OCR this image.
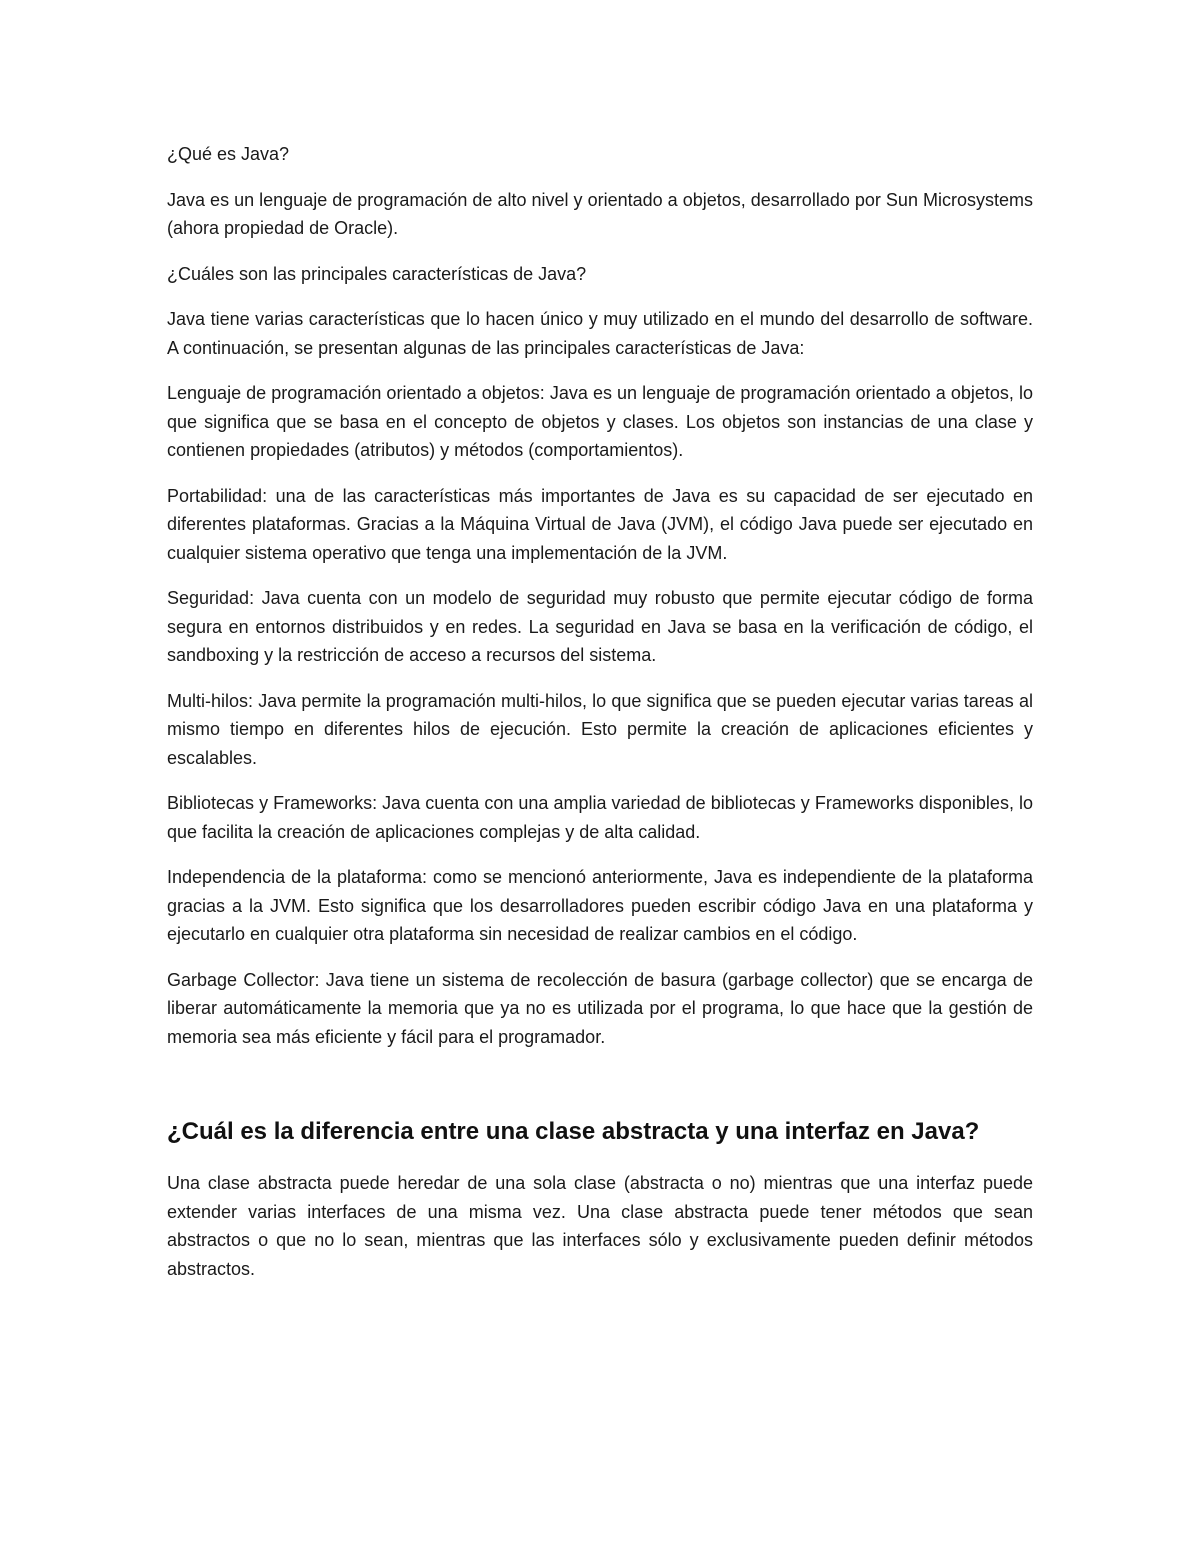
¿Qué es Java?

Java es un lenguaje de programación de alto nivel y orientado a objetos, desarrollado por Sun Microsystems (ahora propiedad de Oracle).

¿Cuáles son las principales características de Java?

Java tiene varias características que lo hacen único y muy utilizado en el mundo del desarrollo de software. A continuación, se presentan algunas de las principales características de Java:

Lenguaje de programación orientado a objetos: Java es un lenguaje de programación orientado a objetos, lo que significa que se basa en el concepto de objetos y clases. Los objetos son instancias de una clase y contienen propiedades (atributos) y métodos (comportamientos).

Portabilidad: una de las características más importantes de Java es su capacidad de ser ejecutado en diferentes plataformas. Gracias a la Máquina Virtual de Java (JVM), el código Java puede ser ejecutado en cualquier sistema operativo que tenga una implementación de la JVM.

Seguridad: Java cuenta con un modelo de seguridad muy robusto que permite ejecutar código de forma segura en entornos distribuidos y en redes. La seguridad en Java se basa en la verificación de código, el sandboxing y la restricción de acceso a recursos del sistema.

Multi-hilos: Java permite la programación multi-hilos, lo que significa que se pueden ejecutar varias tareas al mismo tiempo en diferentes hilos de ejecución. Esto permite la creación de aplicaciones eficientes y escalables.

Bibliotecas y Frameworks: Java cuenta con una amplia variedad de bibliotecas y Frameworks disponibles, lo que facilita la creación de aplicaciones complejas y de alta calidad.

Independencia de la plataforma: como se mencionó anteriormente, Java es independiente de la plataforma gracias a la JVM. Esto significa que los desarrolladores pueden escribir código Java en una plataforma y ejecutarlo en cualquier otra plataforma sin necesidad de realizar cambios en el código.

Garbage Collector: Java tiene un sistema de recolección de basura (garbage collector) que se encarga de liberar automáticamente la memoria que ya no es utilizada por el programa, lo que hace que la gestión de memoria sea más eficiente y fácil para el programador.

¿Cuál es la diferencia entre una clase abstracta y una interfaz en Java?

Una clase abstracta puede heredar de una sola clase (abstracta o no) mientras que una interfaz puede extender varias interfaces de una misma vez. Una clase abstracta puede tener métodos que sean abstractos o que no lo sean, mientras que las interfaces sólo y exclusivamente pueden definir métodos abstractos.
